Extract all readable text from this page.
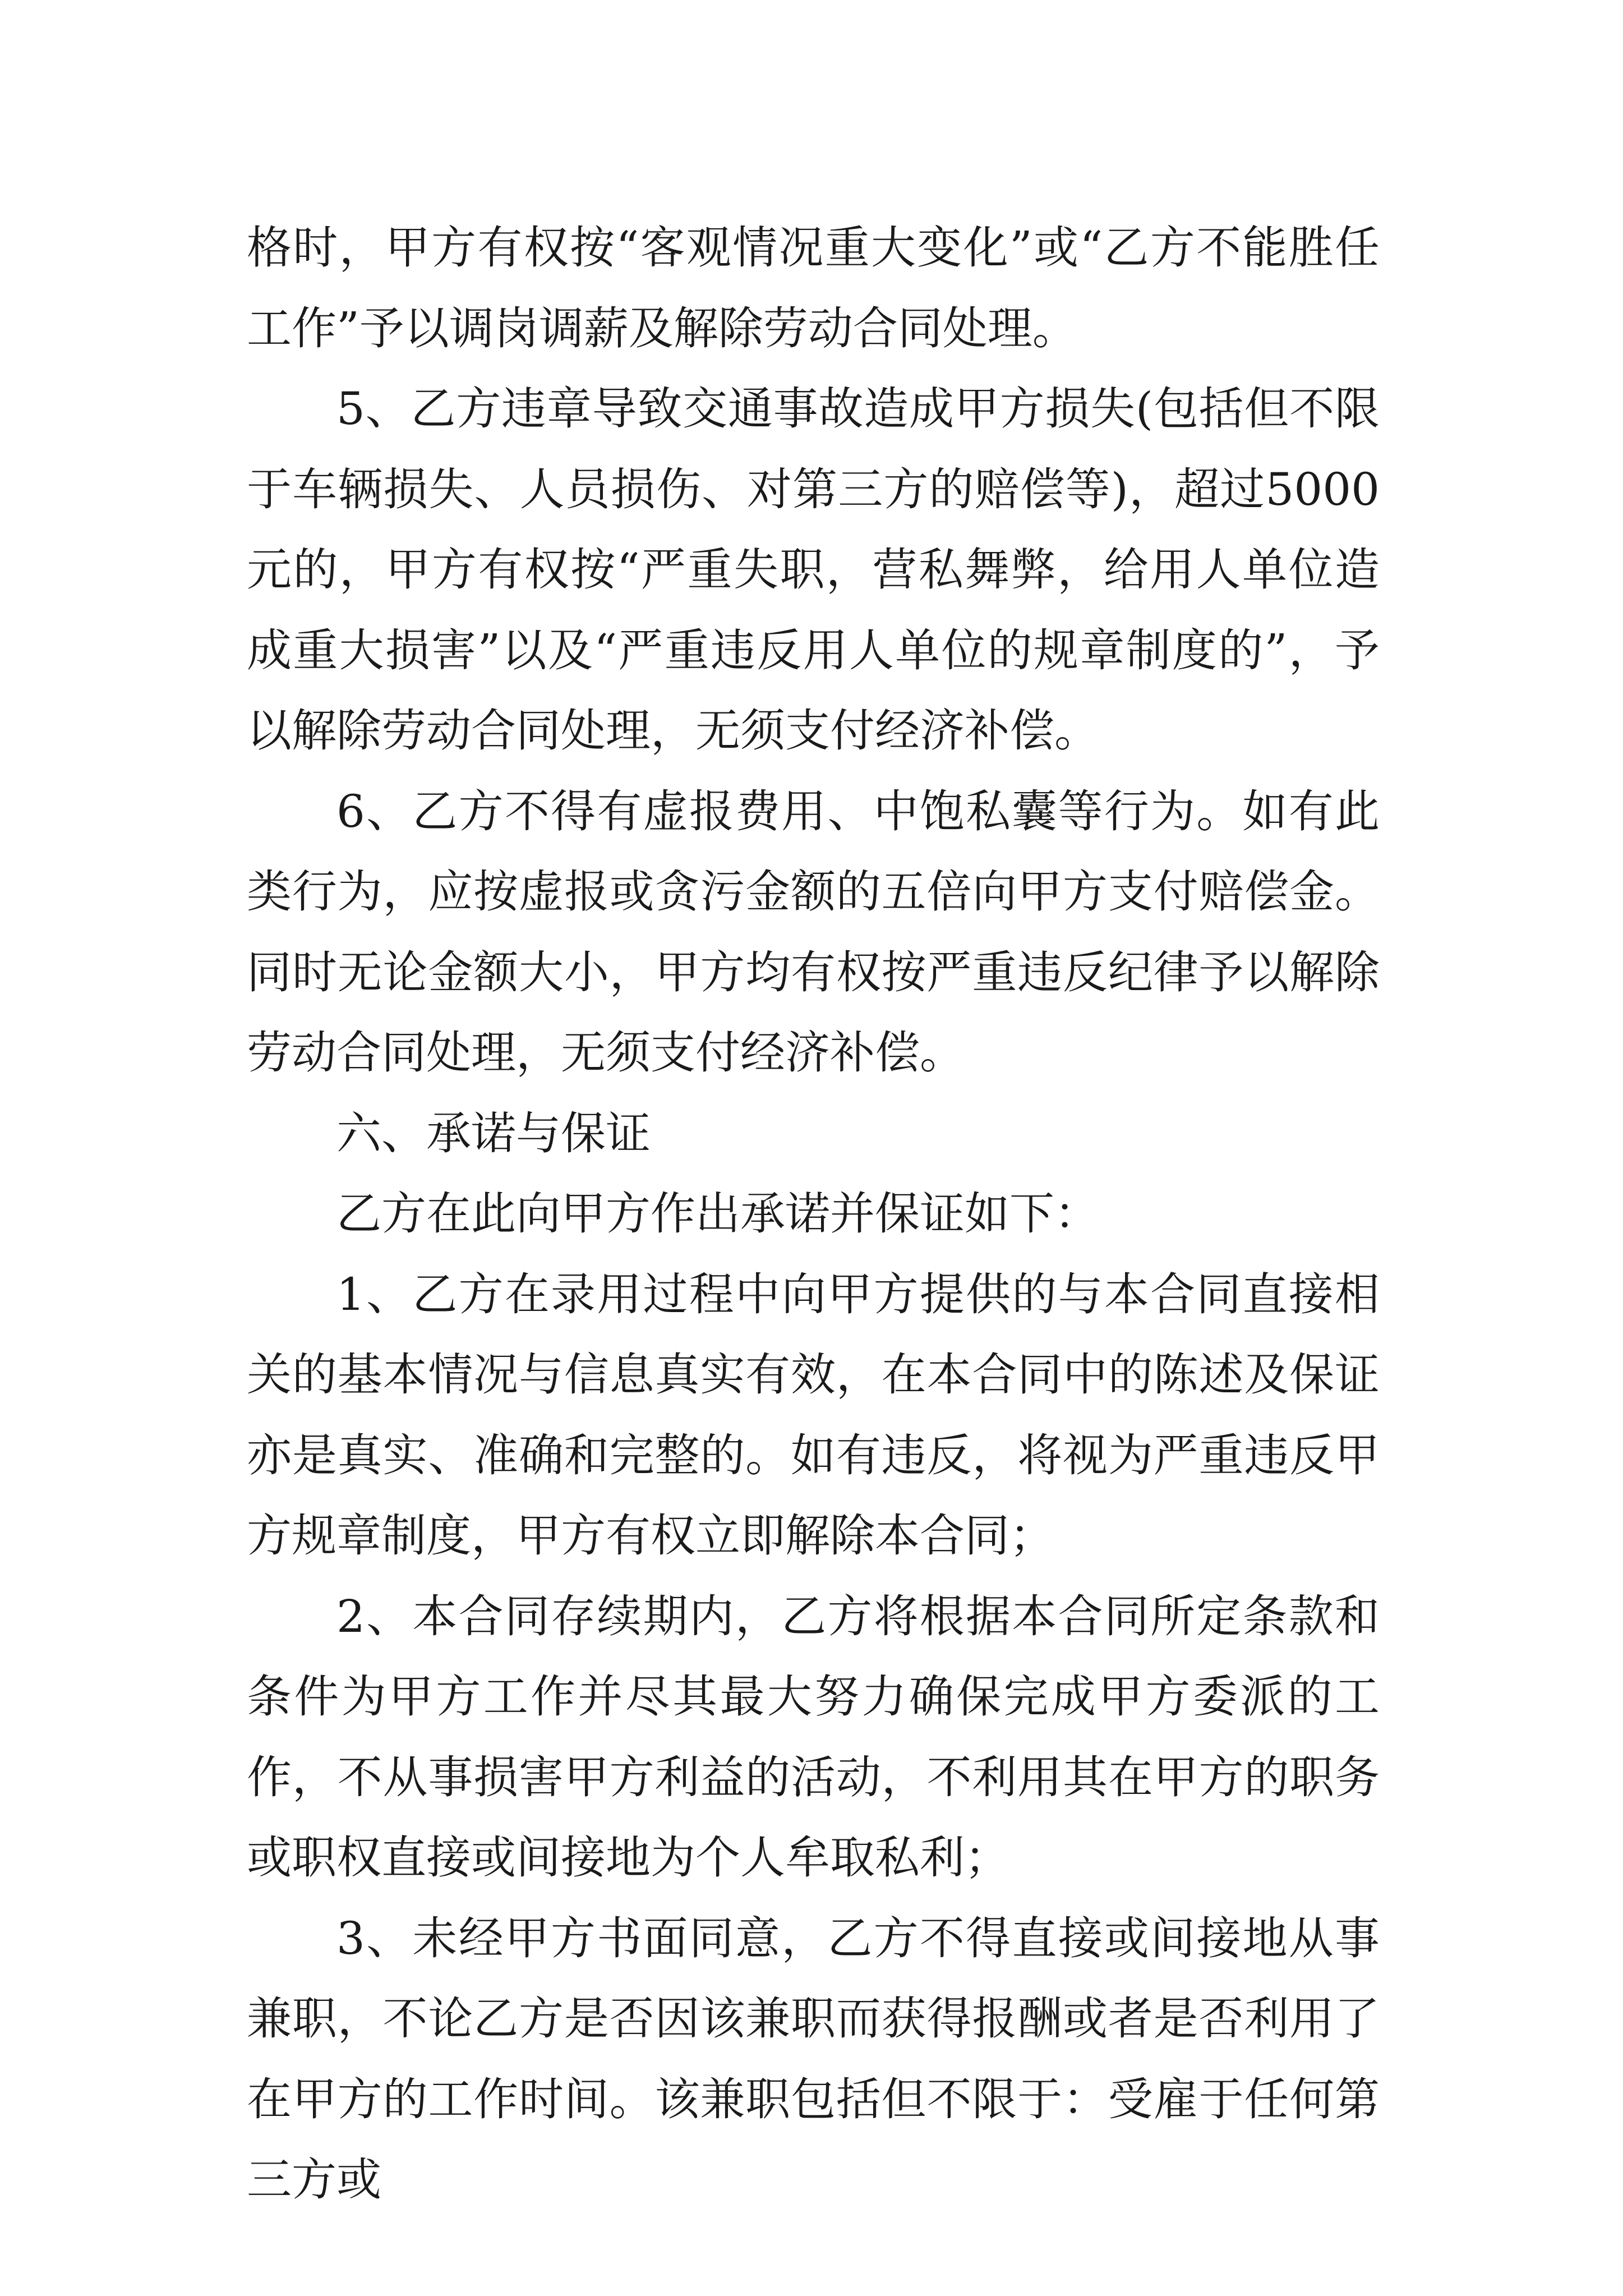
格时，甲方有权按“客观情况重大变化”或“乙方不能胜任工作”予以调岗调薪及解除劳动合同处理。

5、乙方违章导致交通事故造成甲方损失(包括但不限于车辆损失、人员损伤、对第三方的赔偿等)，超过5000元的，甲方有权按“严重失职，营私舞弊，给用人单位造成重大损害”以及“严重违反用人单位的规章制度的”，予以解除劳动合同处理，无须支付经济补偿。

6、乙方不得有虚报费用、中饱私囊等行为。如有此类行为，应按虚报或贪污金额的五倍向甲方支付赔偿金。同时无论金额大小，甲方均有权按严重违反纪律予以解除劳动合同处理，无须支付经济补偿。

六、承诺与保证

乙方在此向甲方作出承诺并保证如下：

1、乙方在录用过程中向甲方提供的与本合同直接相关的基本情况与信息真实有效，在本合同中的陈述及保证亦是真实、准确和完整的。如有违反，将视为严重违反甲方规章制度，甲方有权立即解除本合同；

2、本合同存续期内，乙方将根据本合同所定条款和条件为甲方工作并尽其最大努力确保完成甲方委派的工作，不从事损害甲方利益的活动，不利用其在甲方的职务或职权直接或间接地为个人牟取私利；

3、未经甲方书面同意，乙方不得直接或间接地从事兼职，不论乙方是否因该兼职而获得报酬或者是否利用了在甲方的工作时间。该兼职包括但不限于：受雇于任何第三方或
